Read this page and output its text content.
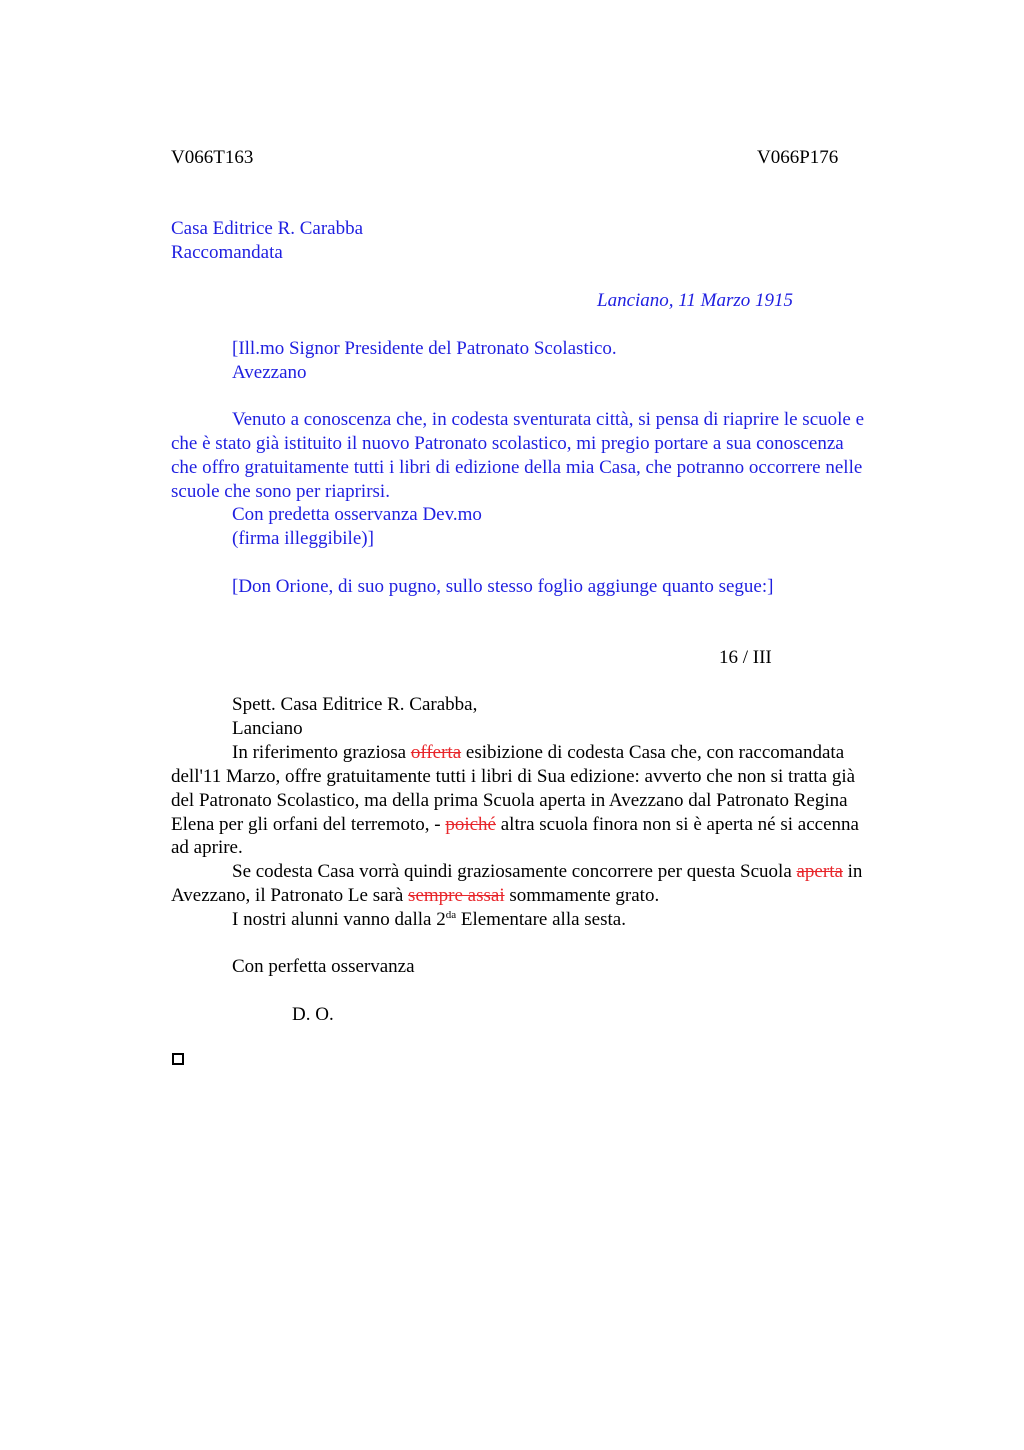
V066T163	V066P176
Casa Editrice R. Carabba
Raccomandata
Lanciano, 11 Marzo 1915
[Ill.mo Signor Presidente del Patronato Scolastico.
Avezzano
Venuto a conoscenza che, in codesta sventurata città, si pensa di riaprire le scuole e
che è stato già istituito il nuovo Patronato scolastico, mi pregio portare a sua conoscenza
che offro gratuitamente tutti i libri di edizione della mia Casa, che potranno occorrere nelle
scuole che sono per riaprirsi.
Con predetta osservanza Dev.mo
(firma illeggibile)]
[Don Orione, di suo pugno, sullo stesso foglio aggiunge quanto segue:]
16 / III
Spett. Casa Editrice R. Carabba,
Lanciano
In riferimento graziosa offerta esibizione di codesta Casa che, con raccomandata
dell'11 Marzo, offre gratuitamente tutti i libri di Sua edizione: avverto che non si tratta già
del Patronato Scolastico, ma della prima Scuola aperta in Avezzano dal Patronato Regina
Elena per gli orfani del terremoto, - poiché altra scuola finora non si è aperta né si accenna
ad aprire.
Se codesta Casa vorrà quindi graziosamente concorrere per questa Scuola aperta in
Avezzano, il Patronato Le sarà sempre assai sommamente grato.
I nostri alunni vanno dalla $2^{da}$ Elementare alla sesta.
Con perfetta osservanza
D. O.
